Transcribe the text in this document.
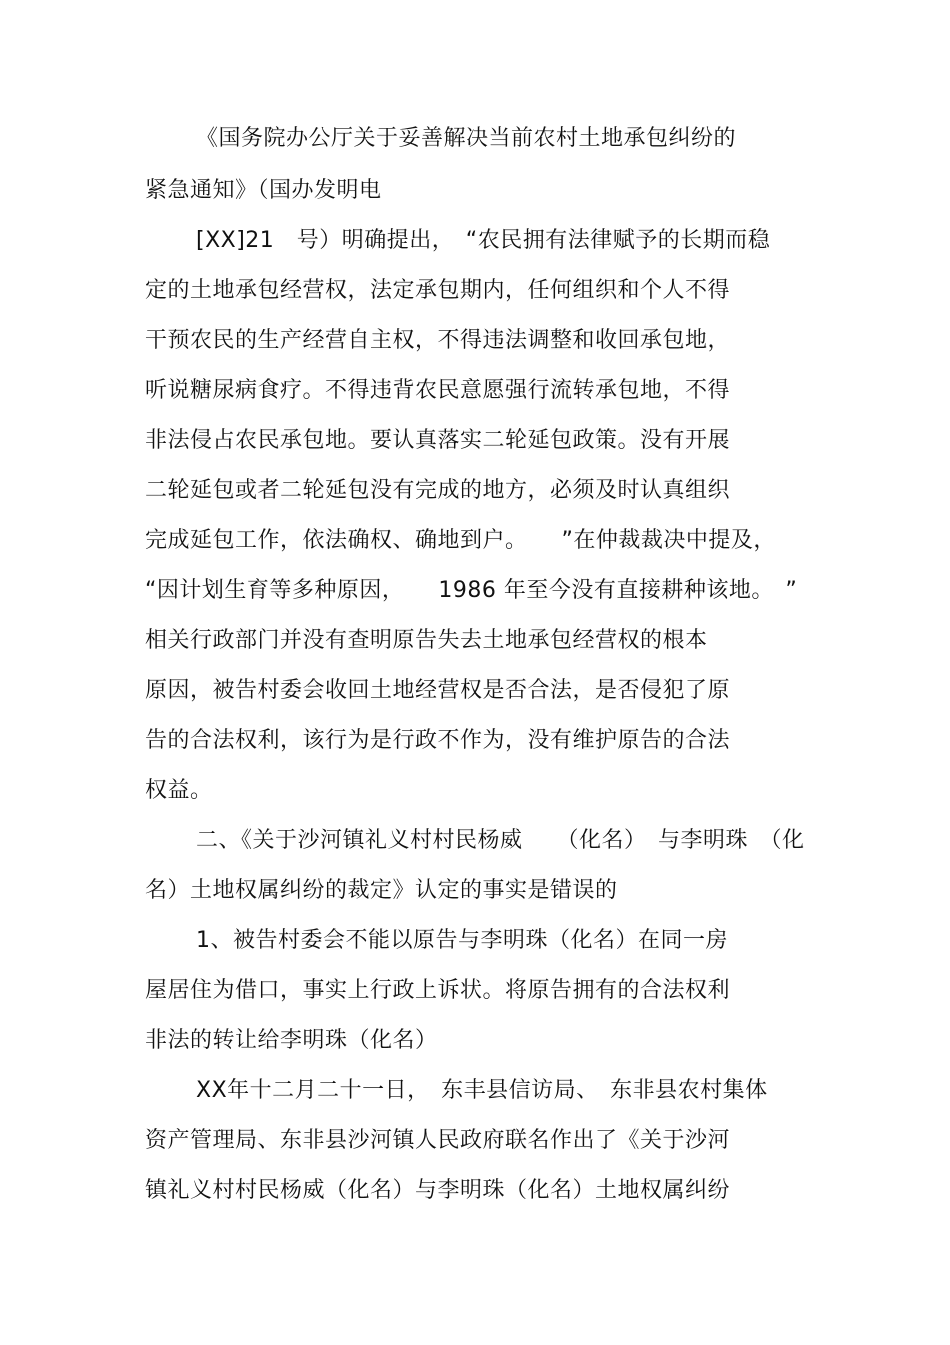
《国务院办公厅关于妥善解决当前农村土地承包纠纷的
紧急通知》（国办发明电
[XX]21　号）明确提出，　“农民拥有法律赋予的长期而稳
定的土地承包经营权，法定承包期内，任何组织和个人不得
干预农民的生产经营自主权，不得违法调整和收回承包地，
听说糖尿病食疗。不得违背农民意愿强行流转承包地，不得
非法侵占农民承包地。要认真落实二轮延包政策。没有开展
二轮延包或者二轮延包没有完成的地方，必须及时认真组织
完成延包工作，依法确权、确地到户。　　”在仲裁裁决中提及，
“因计划生育等多种原因，　　1986 年至今没有直接耕种该地。　”
相关行政部门并没有查明原告失去土地承包经营权的根本
原因，被告村委会收回土地经营权是否合法，是否侵犯了原
告的合法权利，该行为是行政不作为，没有维护原告的合法
权益。
二、《关于沙河镇礼义村村民杨威　　（化名）　与李明珠　（化
名）土地权属纠纷的裁定》认定的事实是错误的
1、被告村委会不能以原告与李明珠（化名）在同一房
屋居住为借口，事实上行政上诉状。将原告拥有的合法权利
非法的转让给李明珠（化名）
XX年十二月二十一日，　东丰县信访局、　东非县农村集体
资产管理局、东非县沙河镇人民政府联名作出了《关于沙河
镇礼义村村民杨威（化名）与李明珠（化名）土地权属纠纷
